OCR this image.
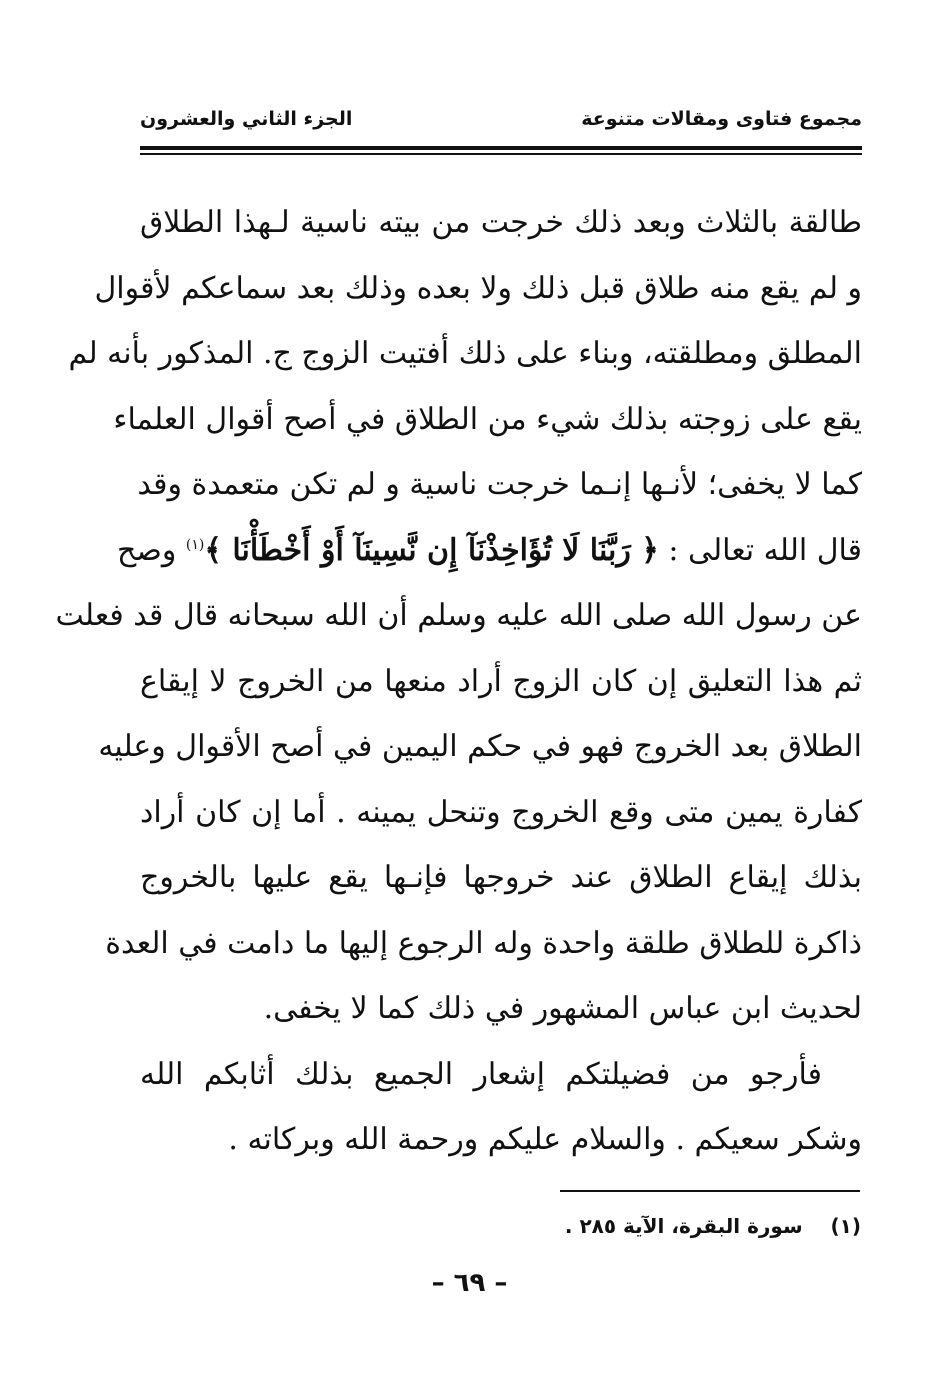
مجموع فتاوى ومقالات متنوعة
الجزء الثاني والعشرون
طالقة بالثلاث وبعد ذلك خرجت من بيته ناسية لـهذا الطلاق
و لم يقع منه طلاق قبل ذلك ولا بعده وذلك بعد سماعكم لأقوال
المطلق ومطلقته، وبناء على ذلك أفتيت الزوج ج. المذكور بأنه لم
يقع على زوجته بذلك شيء من الطلاق في أصح أقوال العلماء
كما لا يخفى؛ لأنـها إنـما خرجت ناسية و لم تكن متعمدة وقد
قال الله تعالى : ﴿ رَبَّنَا لَا تُؤَاخِذْنَآ إِن نَّسِينَآ أَوْ أَخْطَأْنَا ﴾$^{(١)}$ وصح
عن رسول الله صلى الله عليه وسلم أن الله سبحانه قال قد فعلت
ثم هذا التعليق إن كان الزوج أراد منعها من الخروج لا إيقاع
الطلاق بعد الخروج فهو في حكم اليمين في أصح الأقوال وعليه
كفارة يمين متى وقع الخروج وتنحل يمينه . أما إن كان أراد
بذلك إيقاع الطلاق عند خروجها فإنـها يقع عليها بالخروج
ذاكرة للطلاق طلقة واحدة وله الرجوع إليها ما دامت في العدة
لحديث ابن عباس المشهور في ذلك كما لا يخفى.
فأرجو من فضيلتكم إشعار الجميع بذلك أثابكم الله
وشكر سعيكم . والسلام عليكم ورحمة الله وبركاته .
(١)    سورة البقرة، الآية ٢٨٥ .
– ٦٩ –
